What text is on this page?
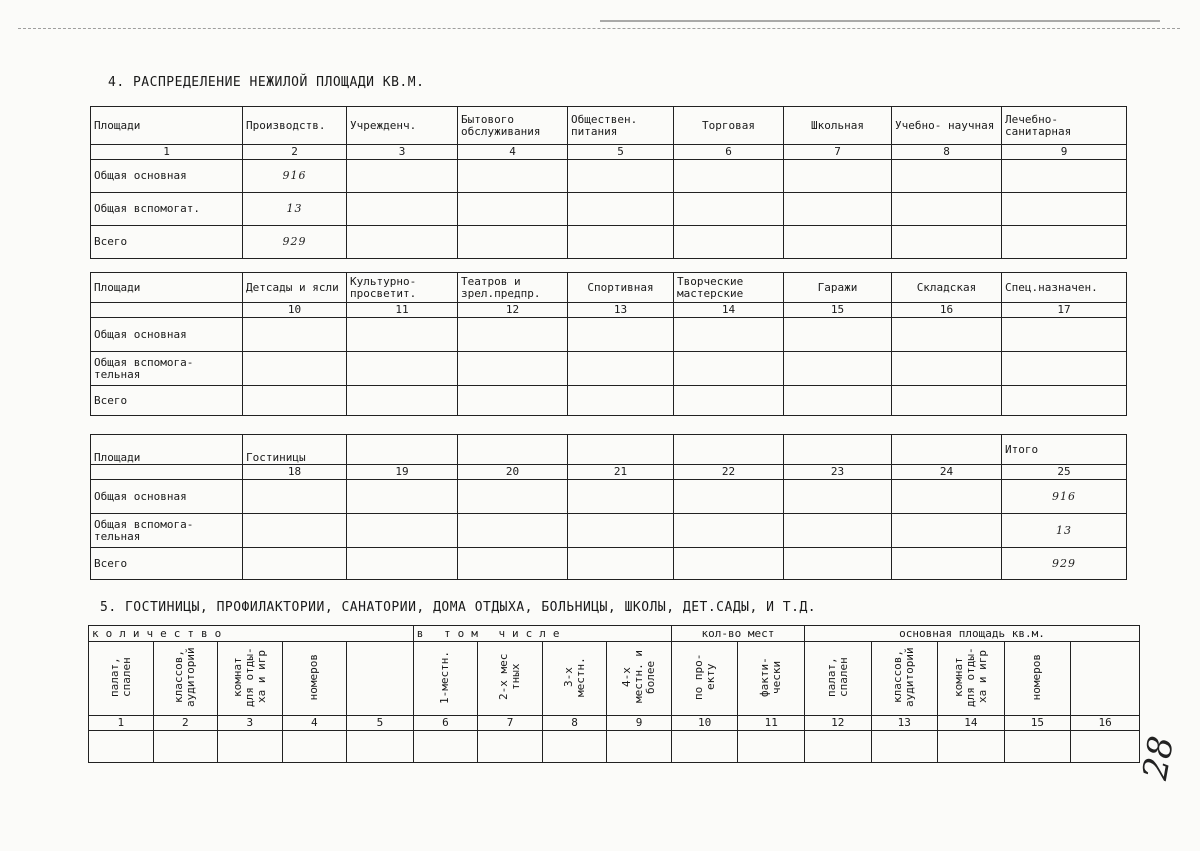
4. РАСПРЕДЕЛЕНИЕ НЕЖИЛОЙ ПЛОЩАДИ КВ.М.
Площади	Производств.	Учрежденч.	Бытового обслуживания	Обществен. питания	Торговая	Школьная	Учебно- научная	Лечебно- санитарная
1	2	3	4	5	6	7	8	9
Общая основная	916							
Общая вспомогат.	13							
Всего	929							
Площади	Детсады и ясли	Культурно- просветит.	Театров и зрел.предпр.	Спортивная	Творческие мастерские	Гаражи	Складская	Спец.назначен.
	10	11	12	13	14	15	16	17
Общая основная								
Общая вспомога- тельная								
Всего								
Площади	Гостиницы							Итого
	18	19	20	21	22	23	24	25
Общая основная								916
Общая вспомога- тельная								13
Всего								929
5. ГОСТИНИЦЫ, ПРОФИЛАКТОРИИ, САНАТОРИИ, ДОМА ОТДЫХА, БОЛЬНИЦЫ, ШКОЛЫ, ДЕТ.САДЫ, И Т.Д.
количество					в том числе				кол-во мест		основная площадь кв.м.				
палат, спален	классов, аудиторий	комнат для отды- ха и игр	номеров		1-местн.	2-х мес тных	3-х местн.	4-х местн. и более	по про- екту	факти- чески	палат, спален	классов, аудиторий	комнат для отды- ха и игр	номеров	
1	2	3	4	5	6	7	8	9	10	11	12	13	14	15	16

28
